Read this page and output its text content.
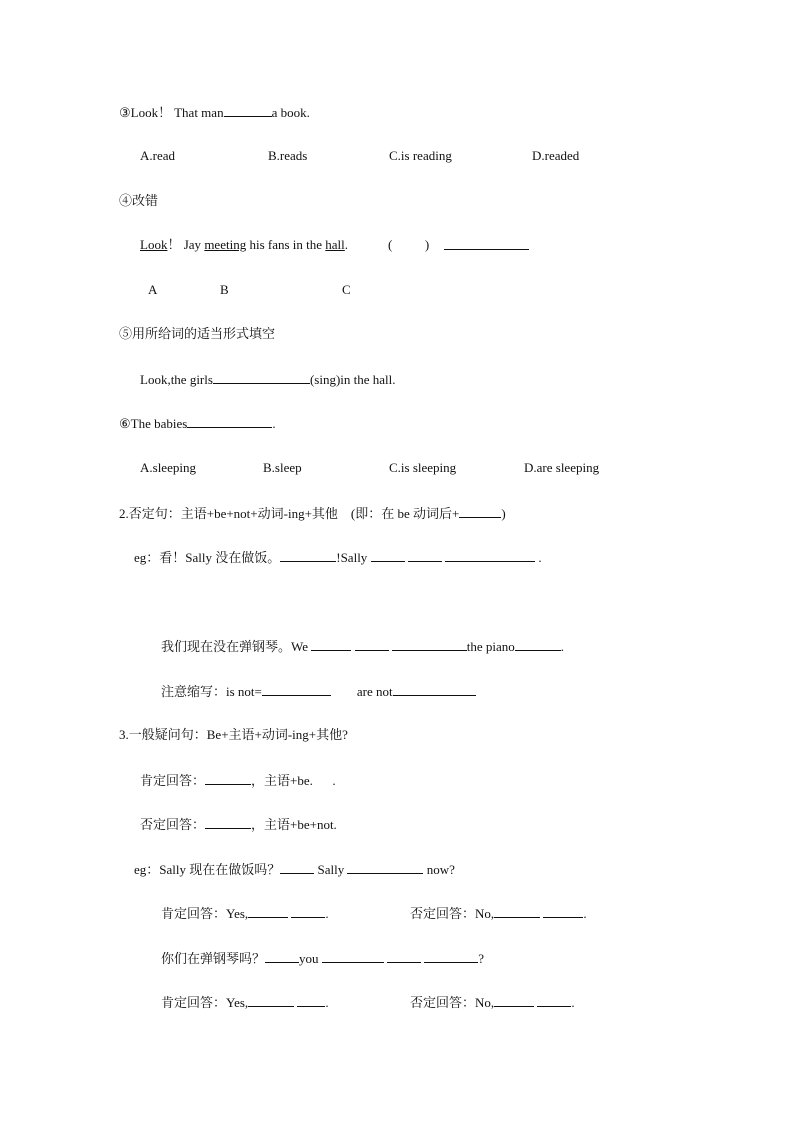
③Look！ That man	a book.
A.read	B.reads	C.is reading	D.readed
④改错
Look！ Jay meeting his fans in the hall.	(          )
A	B	C
⑤用所给词的适当形式填空
Look,the girls	(sing)in the hall.
⑥The babies	.
A.sleeping	B.sleep	C.is sleeping	D.are sleeping
2.否定句：主语+be+not+动词-ing+其他    (即：在 be 动词后+	)
eg：看！Sally 没在做饭。	!Sally	.
我们现在没在弹钢琴。We	the piano	.
注意缩写：is not=	are not
3.一般疑问句：Be+主语+动词-ing+其他?
肯定回答：	，主语+be. .
否定回答：	，主语+be+not.
eg：Sally 现在在做饭吗？	Sally	now?
肯定回答：Yes,	.	否定回答：No,	.
你们在弹钢琴吗？	you	?
肯定回答：Yes,	.	否定回答：No,	.
